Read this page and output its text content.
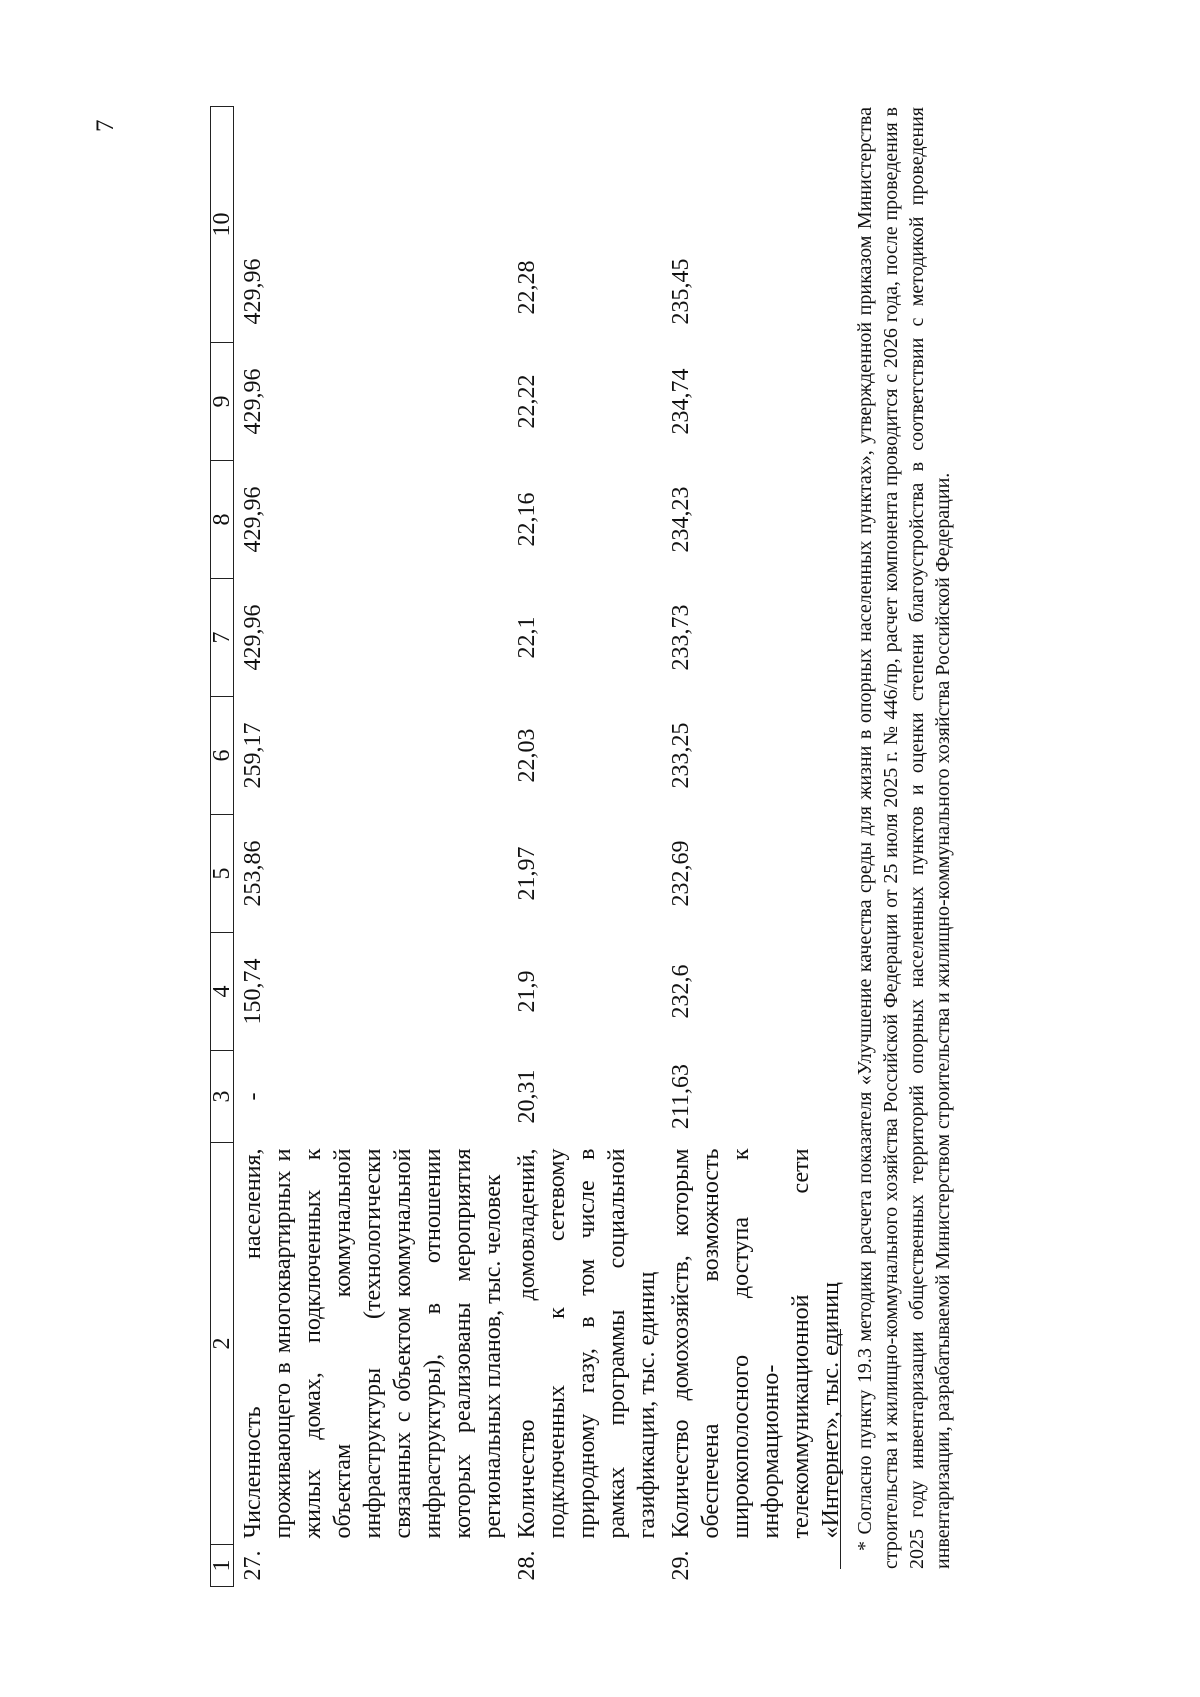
7
1	2	3	4	5	6	7	8	9	10
27.	Численность населения, проживающего в многоквартирных и жилых домах, подключенных к объектам коммунальной инфраструктуры (технологически связанных с объектом коммунальной инфраструктуры), в отношении которых реализованы мероприятия региональных планов, тыс. человек	-	150,74	253,86	259,17	429,96	429,96	429,96	429,96
28.	Количество домовладений, подключенных к сетевому природному газу, в том числе в рамках программы социальной газификации, тыс. единиц	20,31	21,9	21,97	22,03	22,1	22,16	22,22	22,28
29.	Количество домохозяйств, которым обеспечена возможность широкополосного доступа к информационно-телекоммуникационной сети «Интернет», тыс. единиц	211,63	232,6	232,69	233,25	233,73	234,23	234,74	235,45	* Согласно пункту 19.3 методики расчета показателя «Улучшение качества среды для жизни в опорных населенных пунктах», утвержденной приказом Министерства строительства и жилищно-коммунального хозяйства Российской Федерации от 25 июля 2025 г. № 446/пр, расчет компонента проводится с 2026 года, после проведения в 2025 году инвентаризации общественных территорий опорных населенных пунктов и оценки степени благоустройства в соответствии с методикой проведения инвентаризации, разрабатываемой Министерством строительства и жилищно-коммунального хозяйства Российской Федерации.
